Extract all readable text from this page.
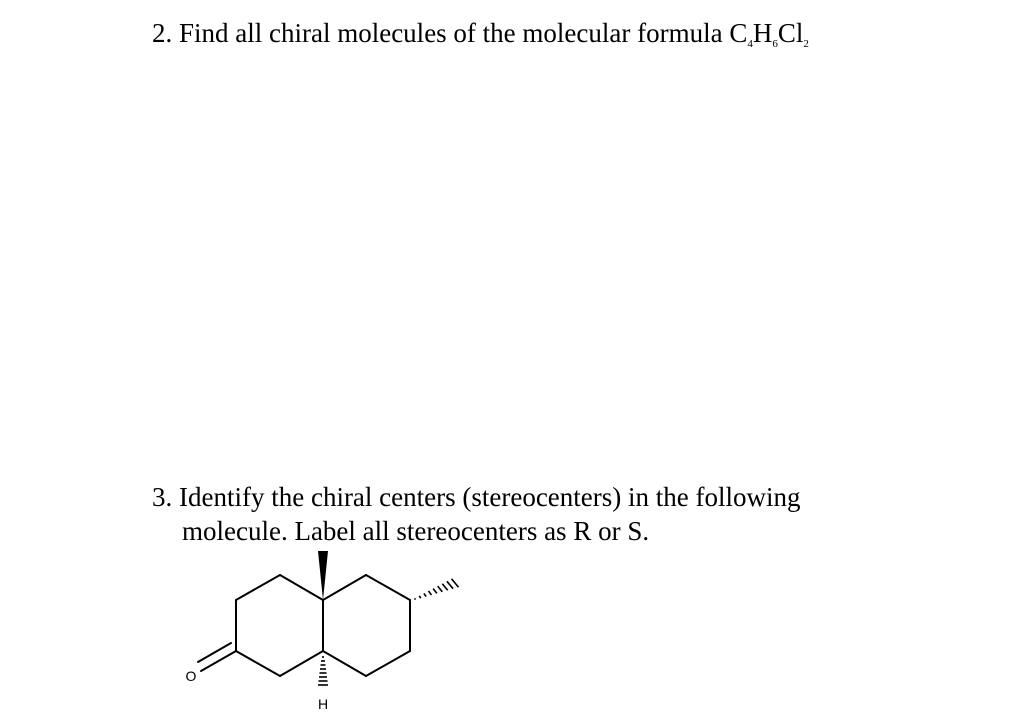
2. Find all chiral molecules of the molecular formula $C_4H_6Cl_2$
3. Identify the chiral centers (stereocenters) in the following
molecule. Label all stereocenters as R or S.
O
H
